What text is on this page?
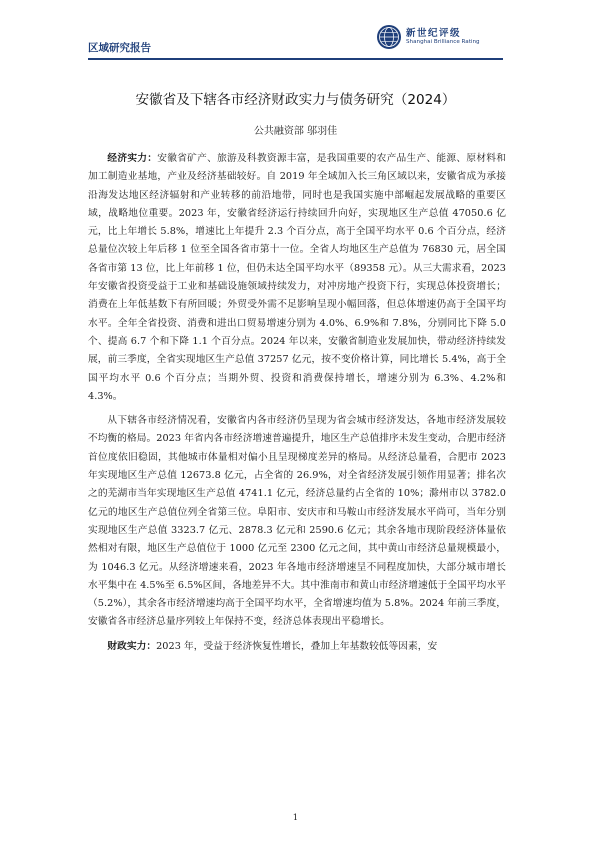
区域研究报告
新世纪评级
Shanghai Brilliance Rating
安徽省及下辖各市经济财政实力与债务研究（2024）
公共融资部 邬羽佳

经济实力：安徽省矿产、旅游及科教资源丰富，是我国重要的农产品生产、能源、原材料和加工制造业基地，产业及经济基础较好。自 2019 年全域加入长三角区域以来，安徽省成为承接沿海发达地区经济辐射和产业转移的前沿地带，同时也是我国实施中部崛起发展战略的重要区域，战略地位重要。2023 年，安徽省经济运行持续回升向好，实现地区生产总值 47050.6 亿元，比上年增长 5.8%，增速比上年提升 2.3 个百分点，高于全国平均水平 0.6 个百分点，经济总量位次较上年后移 1 位至全国各省市第十一位。全省人均地区生产总值为 76830 元，居全国各省市第 13 位，比上年前移 1 位，但仍未达全国平均水平（89358 元）。从三大需求看，2023 年安徽省投资受益于工业和基础设施领域持续发力，对冲房地产投资下行，实现总体投资增长；消费在上年低基数下有所回暖；外贸受外需不足影响呈现小幅回落，但总体增速仍高于全国平均水平。全年全省投资、消费和进出口贸易增速分别为 4.0%、6.9%和 7.8%，分别同比下降 5.0 个、提高 6.7 个和下降 1.1 个百分点。2024 年以来，安徽省制造业发展加快，带动经济持续发展，前三季度，全省实现地区生产总值 37257 亿元，按不变价格计算，同比增长 5.4%，高于全国平均水平 0.6 个百分点；当期外贸、投资和消费保持增长，增速分别为 6.3%、4.2%和 4.3%。

从下辖各市经济情况看，安徽省内各市经济仍呈现为省会城市经济发达，各地市经济发展较不均衡的格局。2023 年省内各市经济增速普遍提升，地区生产总值排序未发生变动，合肥市经济首位度依旧稳固，其他城市体量相对偏小且呈现梯度差异的格局。从经济总量看，合肥市 2023 年实现地区生产总值 12673.8 亿元，占全省的 26.9%，对全省经济发展引领作用显著；排名次之的芜湖市当年实现地区生产总值 4741.1 亿元，经济总量约占全省的 10%；滁州市以 3782.0 亿元的地区生产总值位列全省第三位。阜阳市、安庆市和马鞍山市经济发展水平尚可，当年分别实现地区生产总值 3323.7 亿元、2878.3 亿元和 2590.6 亿元；其余各地市现阶段经济体量依然相对有限，地区生产总值位于 1000 亿元至 2300 亿元之间，其中黄山市经济总量规模最小，为 1046.3 亿元。从经济增速来看，2023 年各地市经济增速呈不同程度加快，大部分城市增长水平集中在 4.5%至 6.5%区间，各地差异不大。其中淮南市和黄山市经济增速低于全国平均水平（5.2%），其余各市经济增速均高于全国平均水平，全省增速均值为 5.8%。2024 年前三季度，安徽省各市经济总量序列较上年保持不变，经济总体表现出平稳增长。

财政实力：2023 年，受益于经济恢复性增长，叠加上年基数较低等因素，安

1
